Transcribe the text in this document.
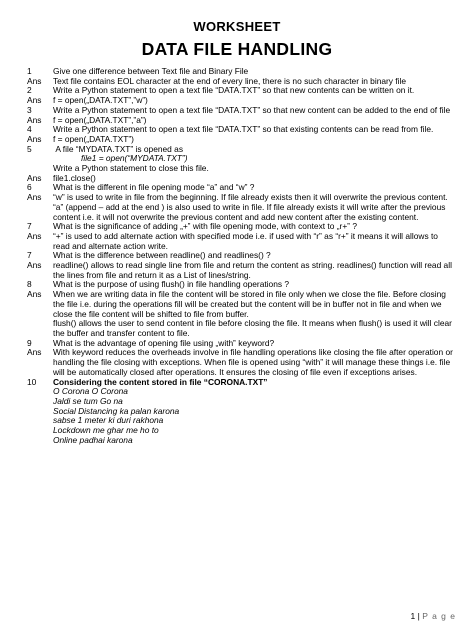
WORKSHEET
DATA FILE HANDLING
1	Give one difference between Text file and Binary File
Ans	Text file contains EOL character at the end of every line, there is no such character in binary file
2	Write a Python statement to open a text file “DATA.TXT” so that new contents can be written on it.
Ans	f = open(„DATA.TXT‟,”w”)
3	Write a Python statement to open a text file “DATA.TXT” so that new content can be added to the end of file
Ans	f = open(„DATA.TXT‟,”a”)
4	Write a Python statement to open a text file “DATA.TXT” so that existing contents can be read from file.
Ans	f = open(„DATA.TXT”)
5	A file “MYDATA.TXT” is opened as
file1 = open(“MYDATA.TXT”)
Write a Python statement to close this file.
Ans	file1.close()
6	What is the different in file opening mode “a” and “w” ?
Ans	“w” is used to write in file from the beginning. If file already exists then it will overwrite the previous content.
“a” (append – add at the end ) is also used to write in file. If file already exists it will write after the previous content i.e. it will not overwrite the previous content and add new content after the existing content.
7	What is the significance of adding „+‟ with file opening mode, with context to „r+‟ ?
Ans	“+” is used to add alternate action with specified mode i.e. if used with “r” as “r+” it means it will allows to read and alternate action write.
7	What is the difference between readline() and readlines() ?
Ans	readline() allows to read single line from file and return the content as string. readlines() function will read all the lines from file and return it as a List of lines/string.
8	What is the purpose of using flush() in file handling operations ?
Ans	When we are writing data in file the content will be stored in file only when we close the file. Before closing the file i.e. during the operations fill will be created but the content will be in buffer not in file and when we close the file content will be shifted to file from buffer.
flush() allows the user to send content in file before closing the file. It means when flush() is used it will clear the buffer and transfer content to file.
9	What is the advantage of opening file using „with‟ keyword?
Ans	With keyword reduces the overheads involve in file handling operations like closing the file after operation or handling the file closing with exceptions. When file is opened using “with” it will manage these things i.e. file will be automatically closed after operations. It ensures the closing of file even if exceptions arises.
10	Considering the content stored in file “CORONA.TXT”
O Corona O Corona
Jaldi se tum Go na
Social Distancing ka palan karona
sabse 1 meter ki duri rakhona
Lockdown me ghar me ho to
Online padhai karona
1 | P a g e
